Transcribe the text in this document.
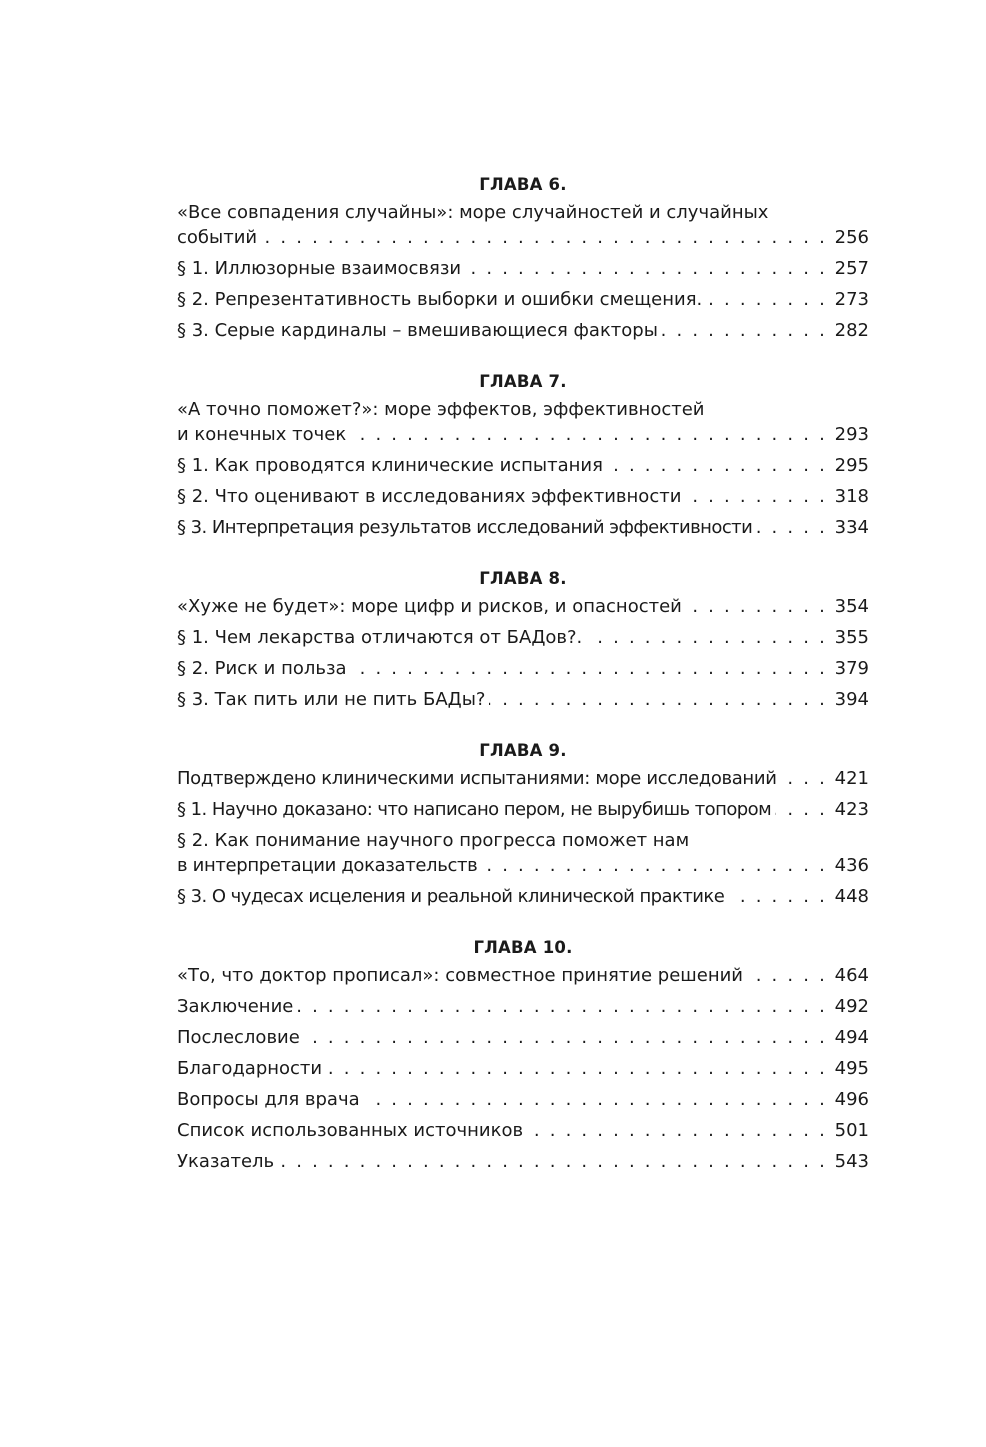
ГЛАВА 6.
«Все совпадения случайны»: море случайностей и случайных
событий . . .	256
§ 1. Иллюзорные взаимосвязи . . .	257
§ 2. Репрезентативность выборки и ошибки смещения. . . .	273
§ 3. Серые кардиналы – вмешивающиеся факторы . . .	282
ГЛАВА 7.
«А точно поможет?»: море эффектов, эффективностей
и конечных точек . . .	293
§ 1. Как проводятся клинические испытания . . .	295
§ 2. Что оценивают в исследованиях эффективности . . .	318
§ 3. Интерпретация результатов исследований эффективности . . .	334
ГЛАВА 8.
«Хуже не будет»: море цифр и рисков, и опасностей . . .	354
§ 1. Чем лекарства отличаются от БАДов?. . . .	355
§ 2. Риск и польза . . .	379
§ 3. Так пить или не пить БАДы? . . .	394
ГЛАВА 9.
Подтверждено клиническими испытаниями: море исследований . . .	421
§ 1. Научно доказано: что написано пером, не вырубишь топором . . .	423
§ 2. Как понимание научного прогресса поможет нам
в интерпретации доказательств . . .	436
§ 3. О чудесах исцеления и реальной клинической практике . . .	448
ГЛАВА 10.
«То, что доктор прописал»: совместное принятие решений . . .	464
Заключение . . .	492
Послесловие . . .	494
Благодарности . . .	495
Вопросы для врача . . .	496
Список использованных источников . . .	501
Указатель . . .	543
